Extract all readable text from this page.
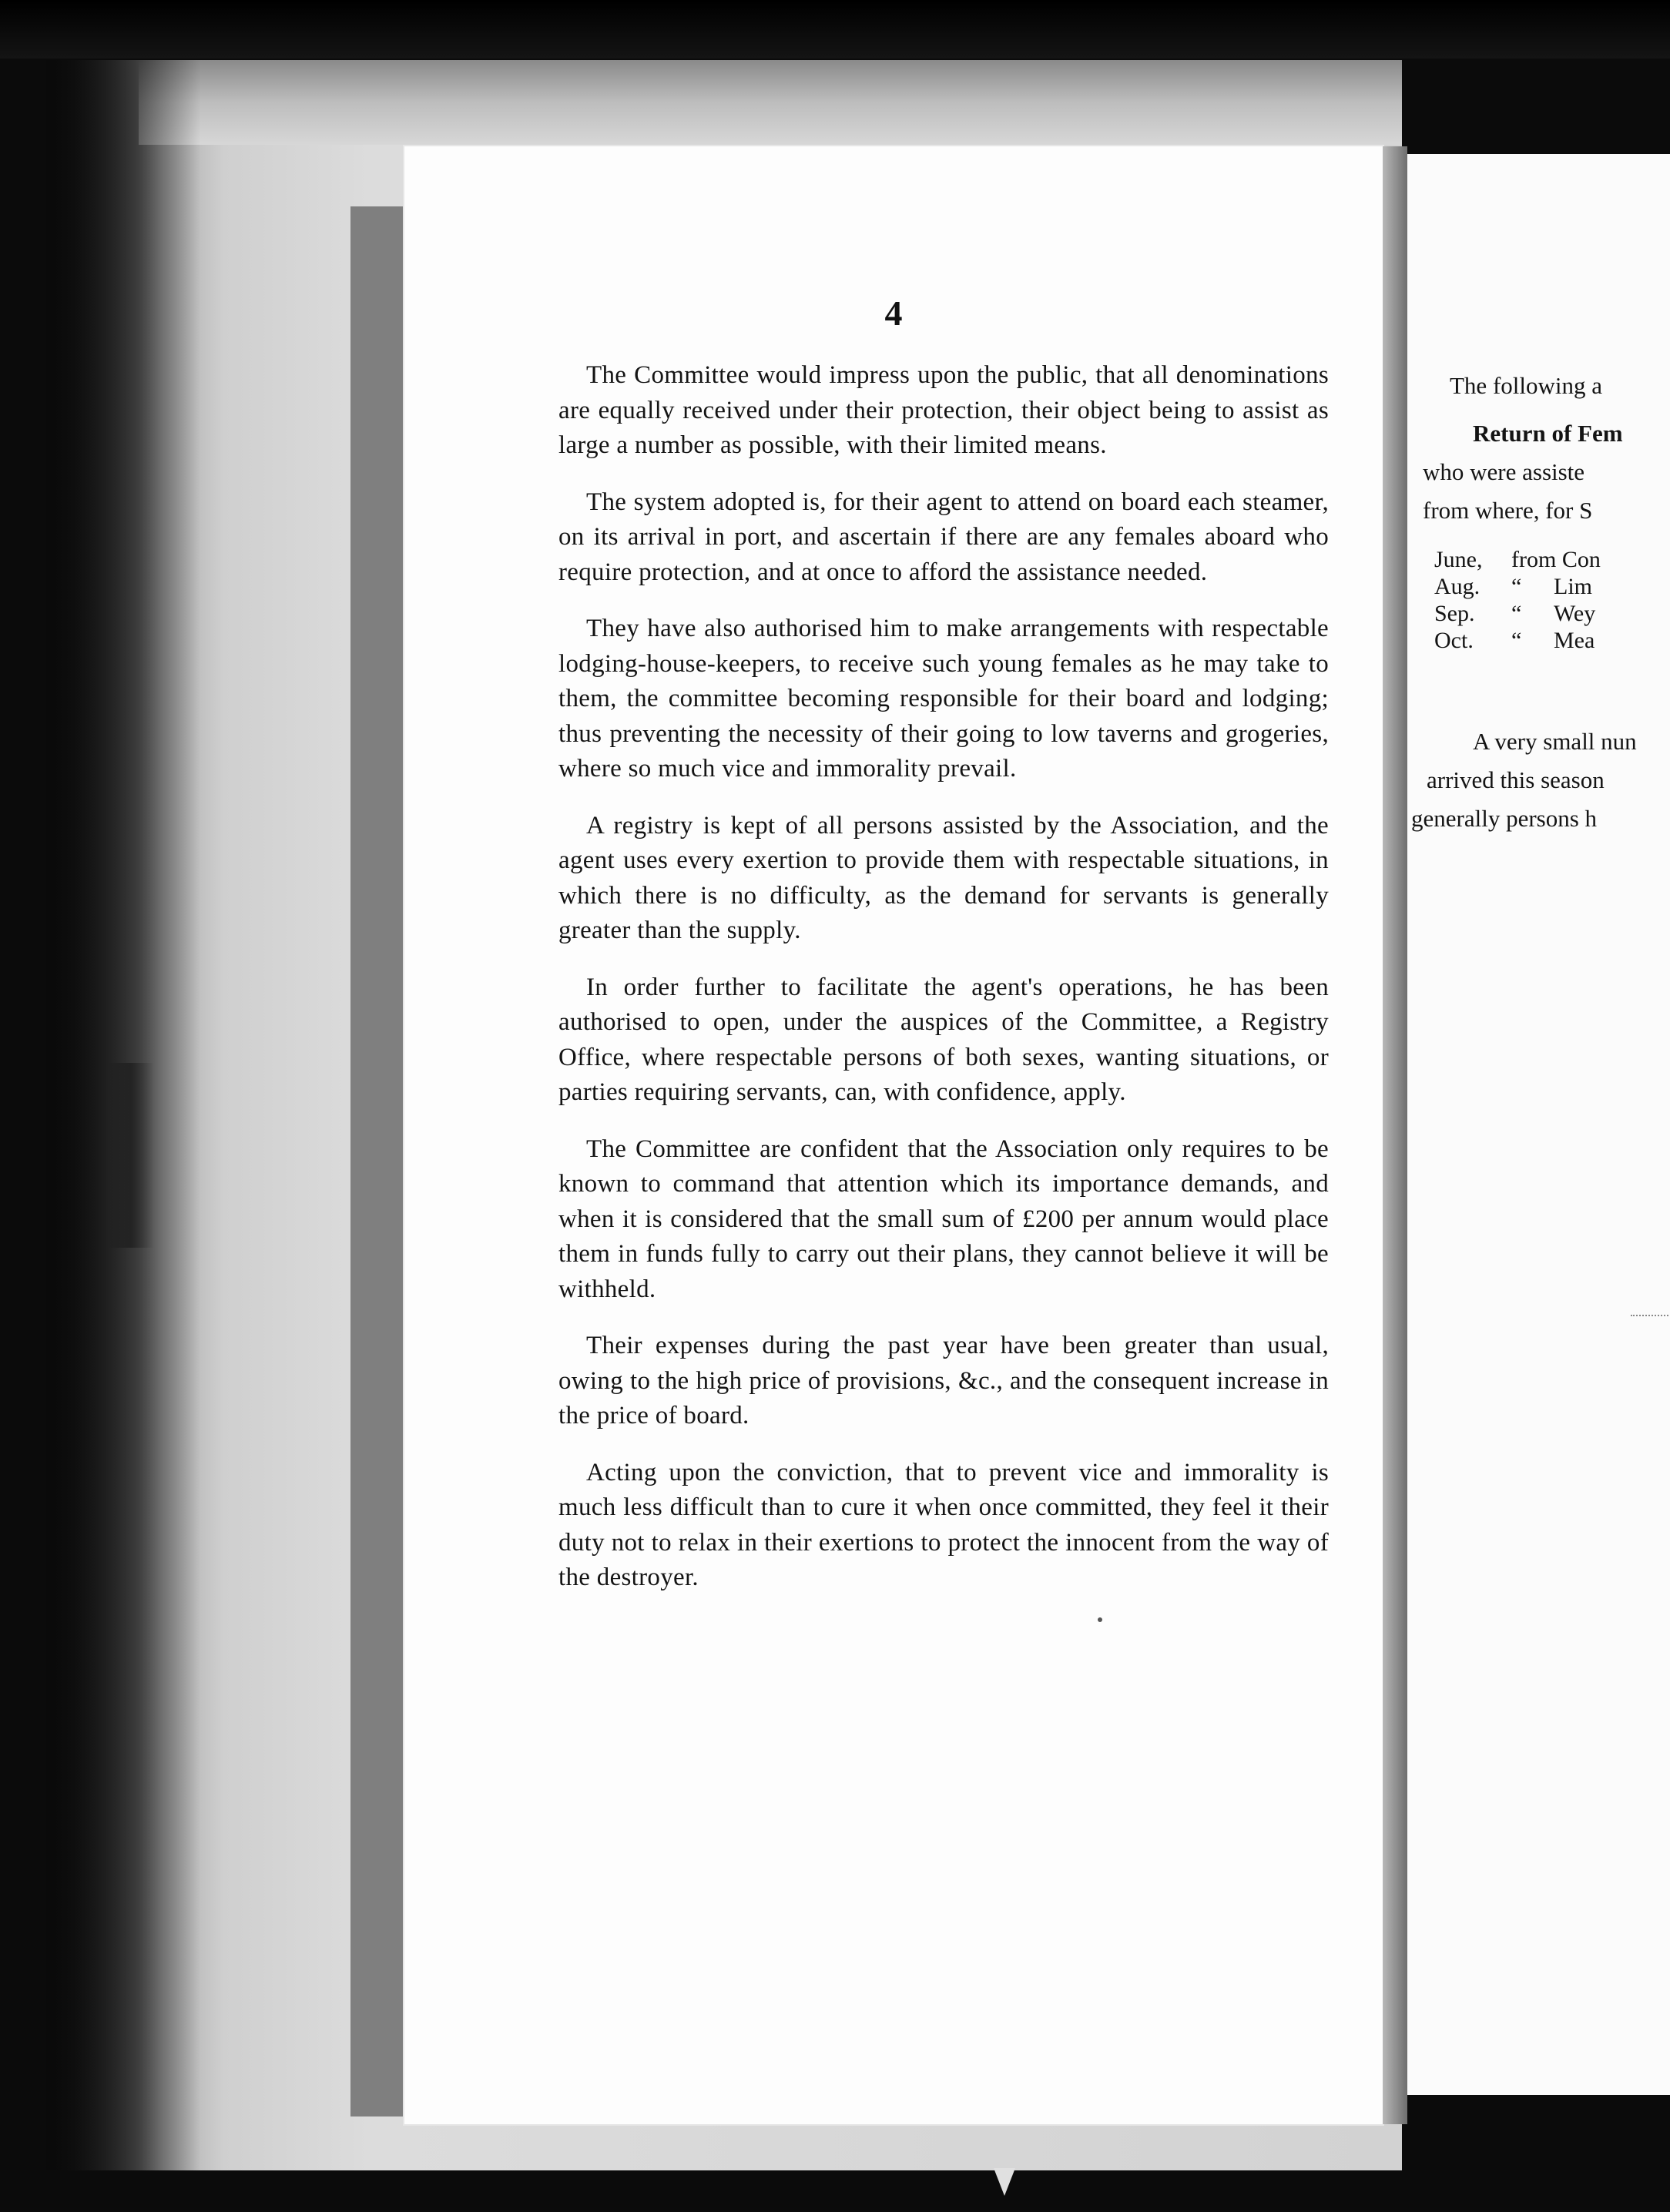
4

The Committee would impress upon the public, that all denominations are equally received under their protection, their object being to assist as large a number as possible, with their limited means.

The system adopted is, for their agent to attend on board each steamer, on its arrival in port, and ascertain if there are any females aboard who require protection, and at once to afford the assistance needed.

They have also authorised him to make arrangements with respectable lodging-house-keepers, to receive such young females as he may take to them, the committee becoming responsible for their board and lodging; thus preventing the necessity of their going to low taverns and grogeries, where so much vice and immorality prevail.

A registry is kept of all persons assisted by the Association, and the agent uses every exertion to provide them with respectable situations, in which there is no difficulty, as the demand for servants is generally greater than the supply.

In order further to facilitate the agent's operations, he has been authorised to open, under the auspices of the Committee, a Registry Office, where respectable persons of both sexes, wanting situations, or parties requiring servants, can, with confidence, apply.

The Committee are confident that the Association only requires to be known to command that attention which its importance demands, and when it is considered that the small sum of £200 per annum would place them in funds fully to carry out their plans, they cannot believe it will be withheld.

Their expenses during the past year have been greater than usual, owing to the high price of provisions, &c., and the consequent increase in the price of board.

Acting upon the conviction, that to prevent vice and immorality is much less difficult than to cure it when once committed, they feel it their duty not to relax in their exertions to protect the innocent from the way of the destroyer.

The following a
Return of Fem
who were assiste
from where, for S
June, from Con
Aug. “ Lim
Sep. “ Wey
Oct. “ Mea
A very small nun
arrived this season
generally persons h
